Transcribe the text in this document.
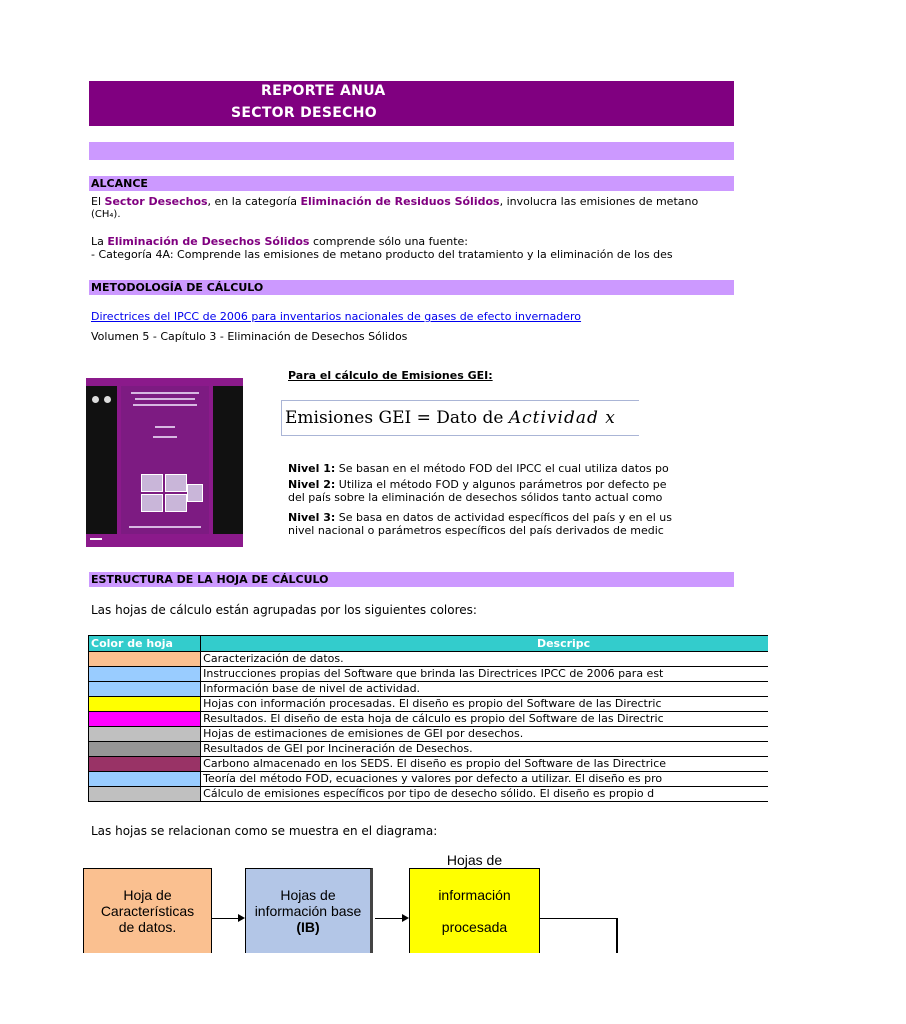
REPORTE ANUA
SECTOR DESECHO
ALCANCE
El Sector Desechos, en la categoría Eliminación de Residuos Sólidos, involucra las emisiones de metano
(CH₄).
La Eliminación de Desechos Sólidos comprende sólo una fuente:
- Categoría 4A: Comprende las emisiones de metano producto del tratamiento y la eliminación de los des
METODOLOGÍA DE CÁLCULO
Directrices del IPCC de 2006 para inventarios nacionales de gases de efecto invernadero
Volumen 5 - Capítulo 3 - Eliminación de Desechos Sólidos
Para el cálculo de Emisiones GEI:
Emisiones GEI = Dato de Actividad x
Nivel 1: Se basan en el método FOD del IPCC el cual utiliza datos po
Nivel 2: Utiliza el método FOD y algunos parámetros por defecto pe
del país sobre la eliminación de desechos sólidos tanto actual como
Nivel 3: Se basa en datos de actividad específicos del país y en el us
nivel nacional o parámetros específicos del país derivados de medic
ESTRUCTURA DE LA HOJA DE CÁLCULO
Las hojas de cálculo están agrupadas por los siguientes colores:
Color de hoja	Descripc
	Caracterización de datos.
	Instrucciones propias del Software que brinda las Directrices IPCC de 2006 para est
	Información base de nivel de actividad.
	Hojas con información procesadas. El diseño es propio del Software de las Directric
	Resultados. El diseño de esta hoja de cálculo es propio del Software de las Directric
	Hojas de estimaciones de emisiones de GEI por desechos.
	Resultados de GEI por Incineración de Desechos.
	Carbono almacenado en los SEDS. El diseño es propio del Software de las Directrice
	Teoría del método FOD, ecuaciones y valores por defecto a utilizar. El diseño es pro
	Cálculo de emisiones específicos por tipo de desecho sólido. El diseño es propio d
Las hojas se relacionan como se muestra en el diagrama:
Hoja de
Características
de datos.
Hojas de
información base
(IB)
Hojas de
información
procesada
